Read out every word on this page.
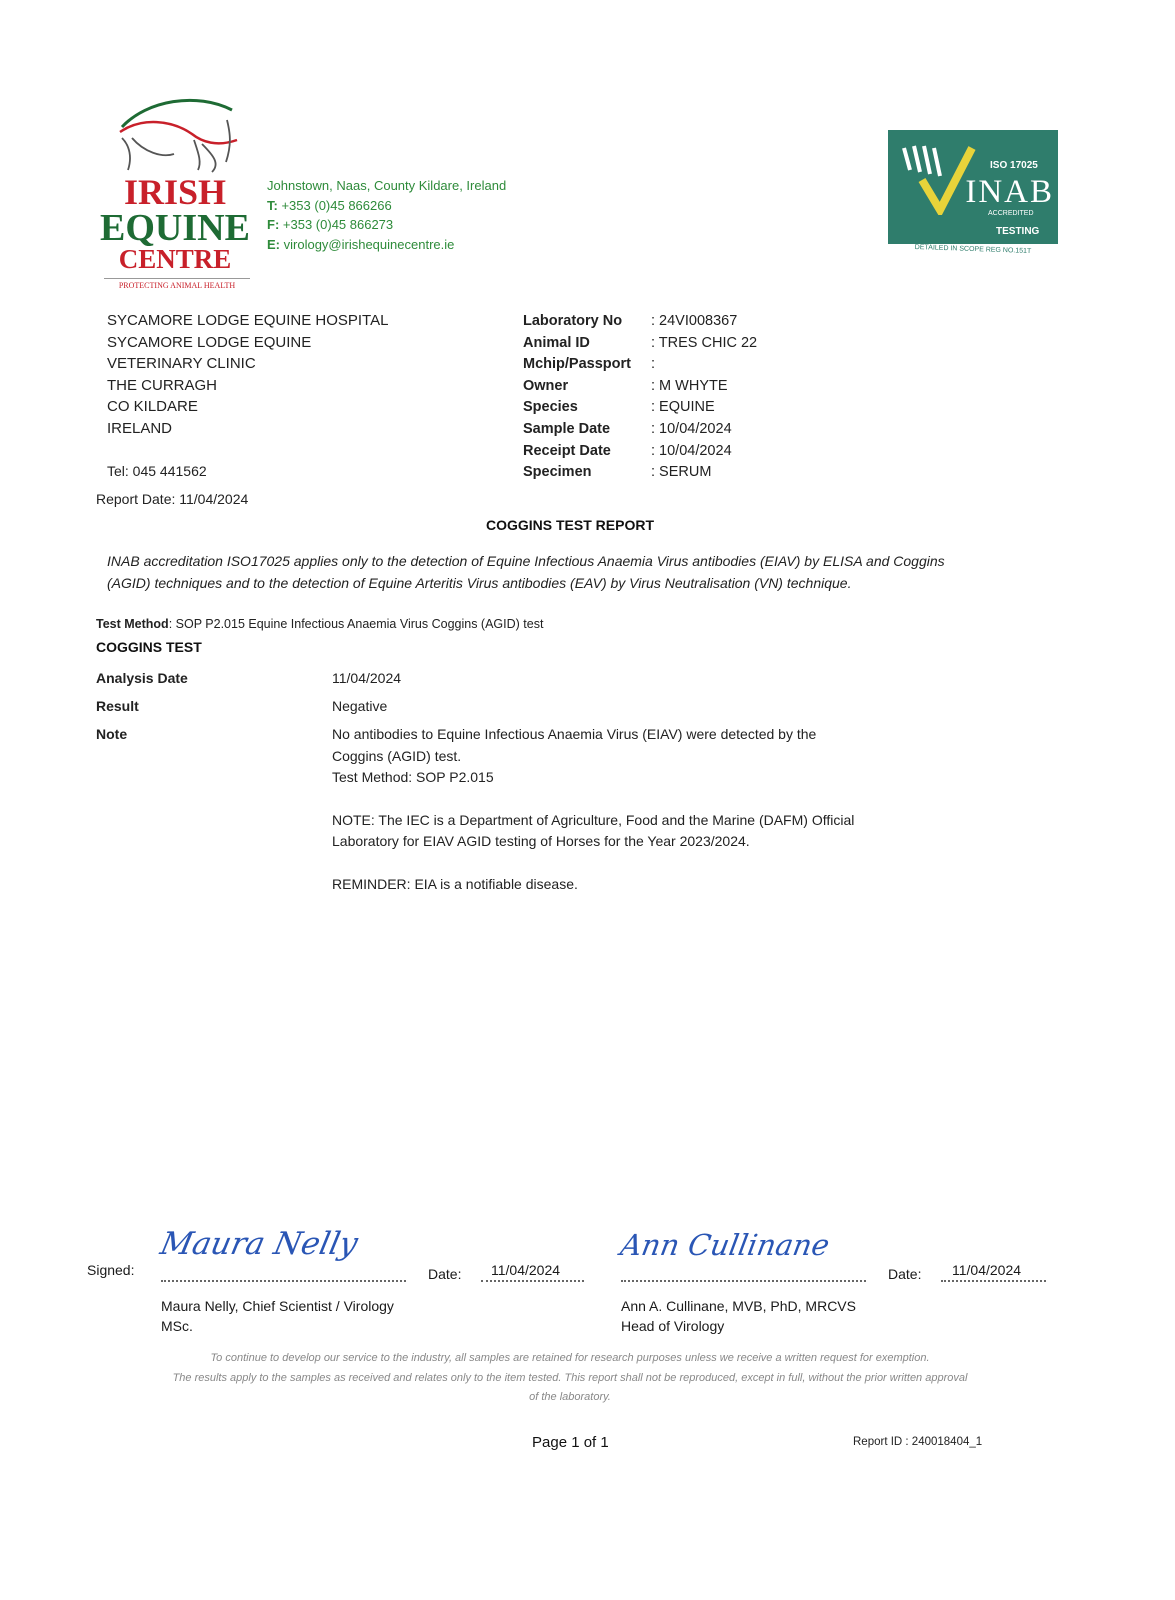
IRISH
EQUINE
CENTRE
PROTECTING ANIMAL HEALTH
Johnstown, Naas, County Kildare, Ireland
T: +353 (0)45 866266
F: +353 (0)45 866273
E: virology@irishequinecentre.ie
ISO 17025
INAB
ACCREDITED
TESTING
DETAILED IN SCOPE REG NO.151T
SYCAMORE LODGE EQUINE HOSPITAL
SYCAMORE LODGE EQUINE
VETERINARY CLINIC
THE CURRAGH
CO KILDARE
IRELAND
Tel: 045 441562
Report Date: 11/04/2024
Laboratory No	: 24VI008367
Animal ID	: TRES CHIC 22
Mchip/Passport	:
Owner	: M WHYTE
Species	: EQUINE
Sample Date	: 10/04/2024
Receipt Date	: 10/04/2024
Specimen	: SERUM
COGGINS TEST REPORT
INAB accreditation ISO17025 applies only to the detection of Equine Infectious Anaemia Virus antibodies (EIAV) by ELISA and Coggins (AGID) techniques and to the detection of Equine Arteritis Virus antibodies (EAV) by Virus Neutralisation (VN) technique.
Test Method: SOP P2.015 Equine Infectious Anaemia Virus Coggins (AGID) test
COGGINS TEST
Analysis Date	11/04/2024
Result	Negative
Note	No antibodies to Equine Infectious Anaemia Virus (EIAV) were detected by the Coggins (AGID) test.
Test Method: SOP P2.015
NOTE: The IEC is a Department of Agriculture, Food and the Marine (DAFM) Official Laboratory for EIAV AGID testing of Horses for the Year 2023/2024.
REMINDER: EIA is a notifiable disease.
Signed:
Maura Nelly
Date: 11/04/2024
Maura Nelly, Chief Scientist / Virology
MSc.
Ann Cullinane
Date: 11/04/2024
Ann A. Cullinane, MVB, PhD, MRCVS
Head of Virology
To continue to develop our service to the industry, all samples are retained for research purposes unless we receive a written request for exemption.
The results apply to the samples as received and relates only to the item tested. This report shall not be reproduced, except in full, without the prior written approval of the laboratory.
Page 1 of 1	Report ID : 240018404_1
